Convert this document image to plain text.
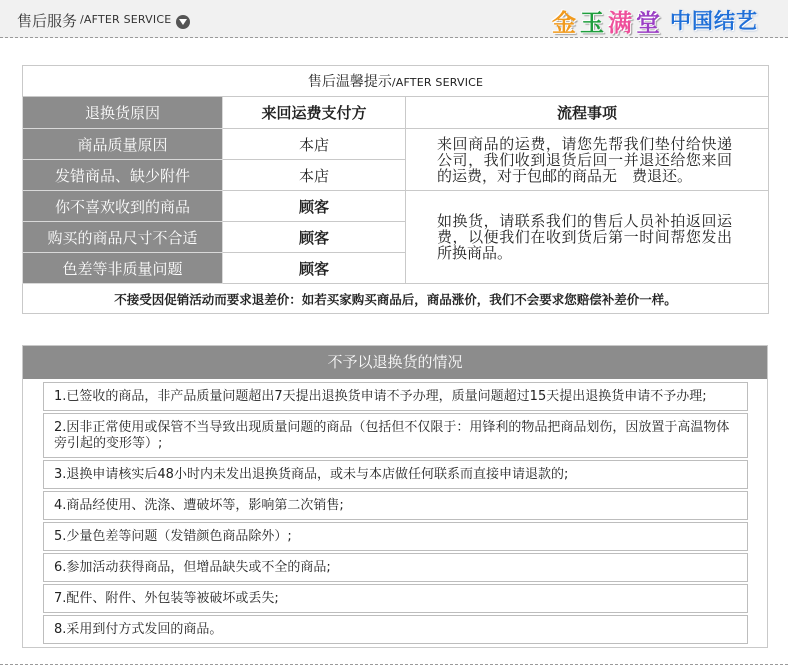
售后服务 /AFTER SERVICE	金 玉 满 堂 中国结艺
售后温馨提示/AFTER SERVICE		
退换货原因	来回运费支付方	流程事项
商品质量原因	本店	来回商品的运费，请您先帮我们垫付给快递公司，我们收到退货后回一并退还给您来回的运费，对于包邮的商品无　费退还。
发错商品、缺少附件	本店	
你不喜欢收到的商品	顾客	如换货，请联系我们的售后人员补拍返回运费，以便我们在收到货后第一时间帮您发出所换商品。
购买的商品尺寸不合适	顾客	
色差等非质量问题	顾客	
不接受因促销活动而要求退差价：如若买家购买商品后，商品涨价，我们不会要求您赔偿补差价一样。		
不予以退换货的情况
1.已签收的商品，非产品质量问题超出7天提出退换货申请不予办理，质量问题超过15天提出退换货申请不予办理;
2.因非正常使用或保管不当导致出现质量问题的商品（包括但不仅限于：用锋利的物品把商品划伤，因放置于高温物体旁引起的变形等）;
3.退换申请核实后48小时内未发出退换货商品，或未与本店做任何联系而直接申请退款的;
4.商品经使用、洗涤、遭破坏等，影响第二次销售;
5.少量色差等问题（发错颜色商品除外）;
6.参加活动获得商品，但增品缺失或不全的商品;
7.配件、附件、外包装等被破坏或丢失;
8.采用到付方式发回的商品。
